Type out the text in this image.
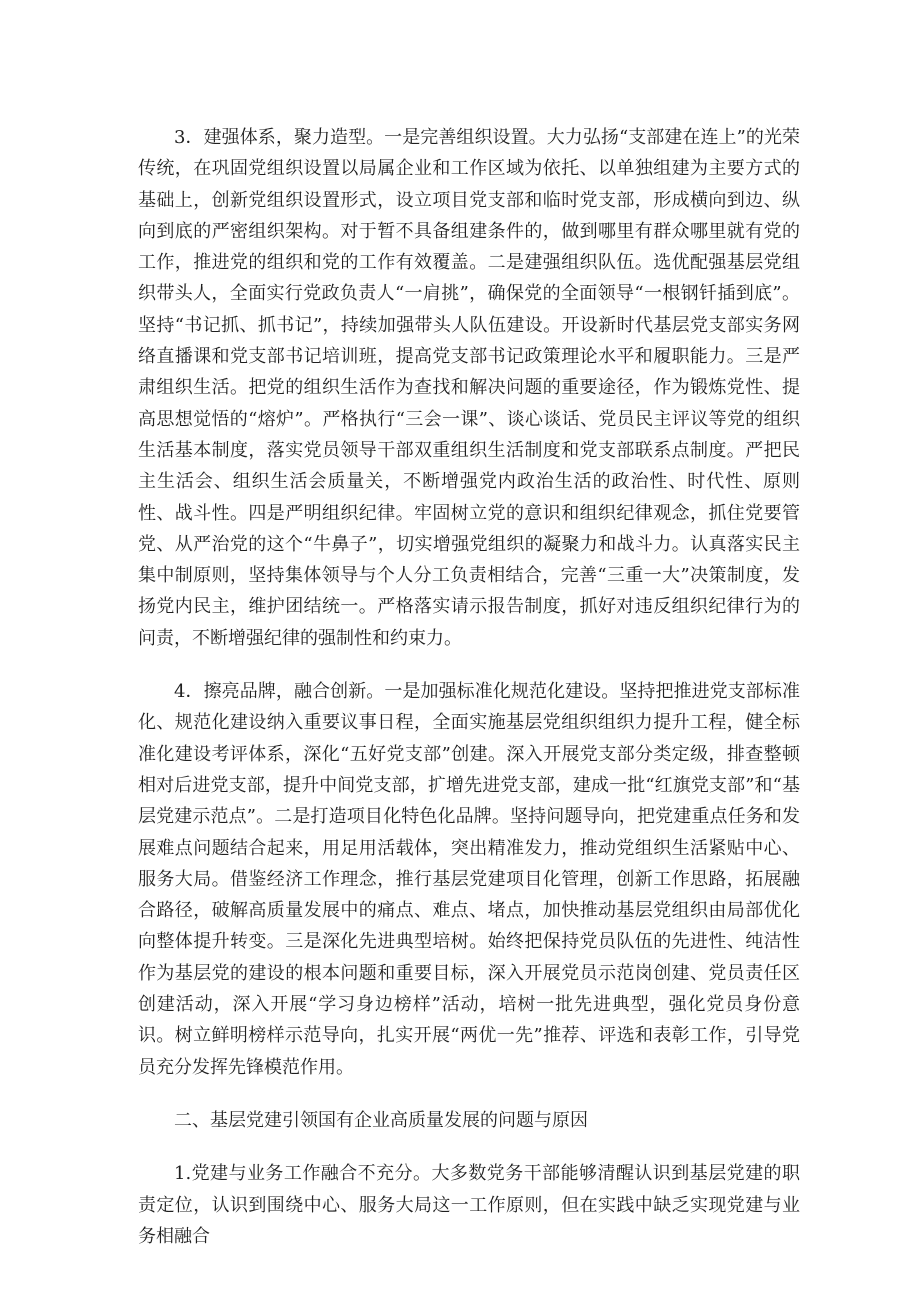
3．建强体系，聚力造型。一是完善组织设置。大力弘扬“支部建在连上”的光荣传统，在巩固党组织设置以局属企业和工作区域为依托、以单独组建为主要方式的基础上，创新党组织设置形式，设立项目党支部和临时党支部，形成横向到边、纵向到底的严密组织架构。对于暂不具备组建条件的，做到哪里有群众哪里就有党的工作，推进党的组织和党的工作有效覆盖。二是建强组织队伍。选优配强基层党组织带头人，全面实行党政负责人“一肩挑”，确保党的全面领导“一根钢钎插到底”。坚持“书记抓、抓书记”，持续加强带头人队伍建设。开设新时代基层党支部实务网络直播课和党支部书记培训班，提高党支部书记政策理论水平和履职能力。三是严肃组织生活。把党的组织生活作为查找和解决问题的重要途径，作为锻炼党性、提高思想觉悟的“熔炉”。严格执行“三会一课”、谈心谈话、党员民主评议等党的组织生活基本制度，落实党员领导干部双重组织生活制度和党支部联系点制度。严把民主生活会、组织生活会质量关，不断增强党内政治生活的政治性、时代性、原则性、战斗性。四是严明组织纪律。牢固树立党的意识和组织纪律观念，抓住党要管党、从严治党的这个“牛鼻子”，切实增强党组织的凝聚力和战斗力。认真落实民主集中制原则，坚持集体领导与个人分工负责相结合，完善“三重一大”决策制度，发扬党内民主，维护团结统一。严格落实请示报告制度，抓好对违反组织纪律行为的问责，不断增强纪律的强制性和约束力。

4．擦亮品牌，融合创新。一是加强标准化规范化建设。坚持把推进党支部标准化、规范化建设纳入重要议事日程，全面实施基层党组织组织力提升工程，健全标准化建设考评体系，深化“五好党支部”创建。深入开展党支部分类定级，排查整顿相对后进党支部，提升中间党支部，扩增先进党支部，建成一批“红旗党支部”和“基层党建示范点”。二是打造项目化特色化品牌。坚持问题导向，把党建重点任务和发展难点问题结合起来，用足用活载体，突出精准发力，推动党组织生活紧贴中心、服务大局。借鉴经济工作理念，推行基层党建项目化管理，创新工作思路，拓展融合路径，破解高质量发展中的痛点、难点、堵点，加快推动基层党组织由局部优化向整体提升转变。三是深化先进典型培树。始终把保持党员队伍的先进性、纯洁性作为基层党的建设的根本问题和重要目标，深入开展党员示范岗创建、党员责任区创建活动，深入开展“学习身边榜样”活动，培树一批先进典型，强化党员身份意识。树立鲜明榜样示范导向，扎实开展“两优一先”推荐、评选和表彰工作，引导党员充分发挥先锋模范作用。

二、基层党建引领国有企业高质量发展的问题与原因

1.党建与业务工作融合不充分。大多数党务干部能够清醒认识到基层党建的职责定位，认识到围绕中心、服务大局这一工作原则，但在实践中缺乏实现党建与业务相融合
